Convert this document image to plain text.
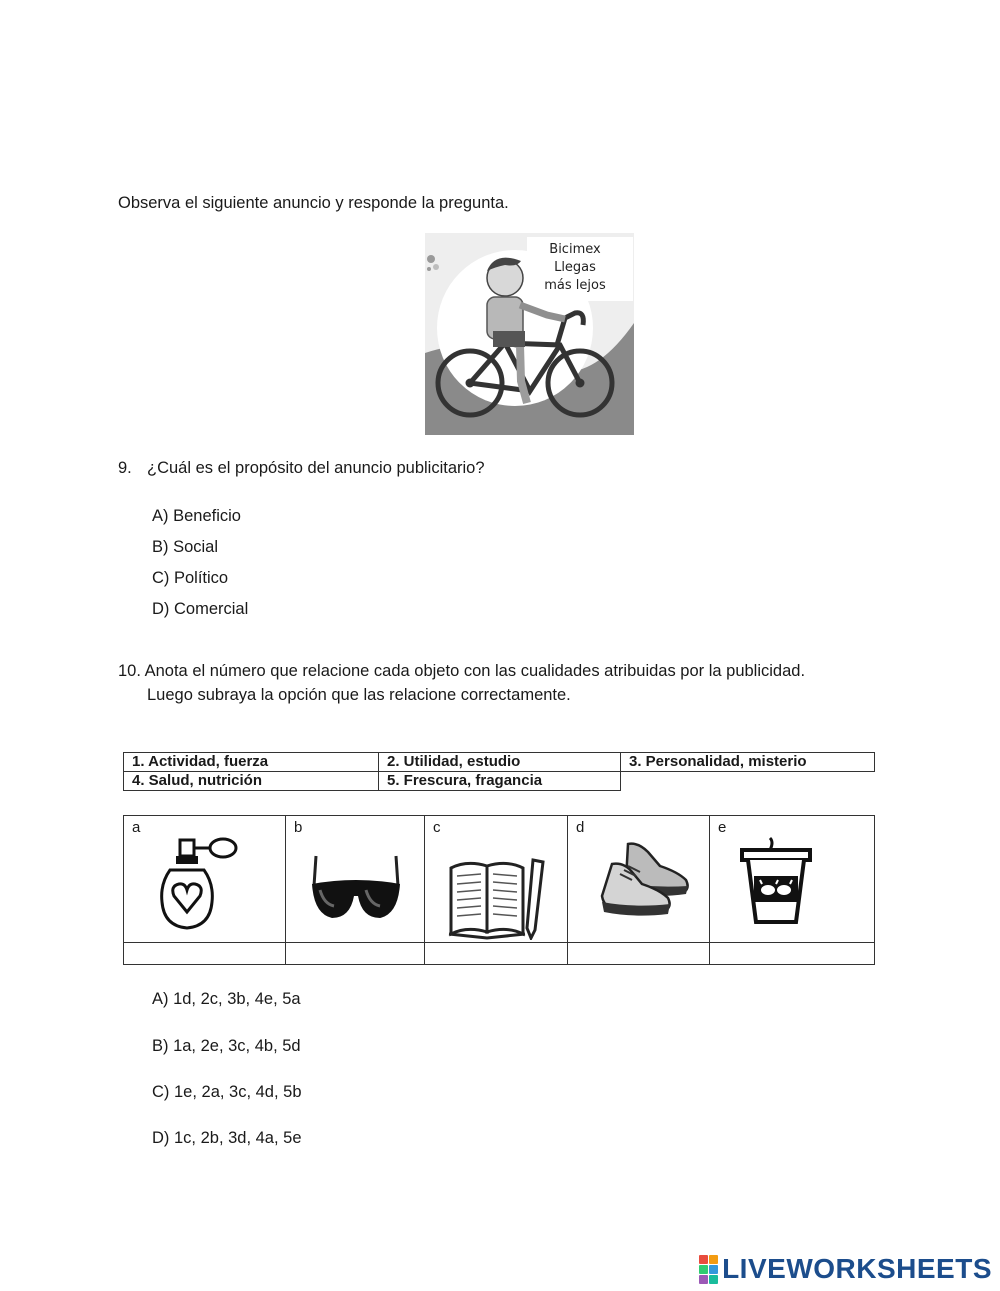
Observa el siguiente anuncio y responde la pregunta.
Bicimex
Llegas
más lejos
9. ¿Cuál es el propósito del anuncio publicitario?
A) Beneficio
B) Social
C) Político
D) Comercial
10. Anota el número que relacione cada objeto con las cualidades atribuidas por la publicidad.
Luego subraya la opción que las relacione correctamente.
1. Actividad, fuerza	2. Utilidad, estudio	3. Personalidad, misterio
4. Salud, nutrición	5. Frescura, fragancia	
a	b	c	d	e

A) 1d, 2c, 3b, 4e, 5a
B) 1a, 2e, 3c, 4b, 5d
C) 1e, 2a, 3c, 4d, 5b
D) 1c, 2b, 3d, 4a, 5e
LIVEWORKSHEETS
